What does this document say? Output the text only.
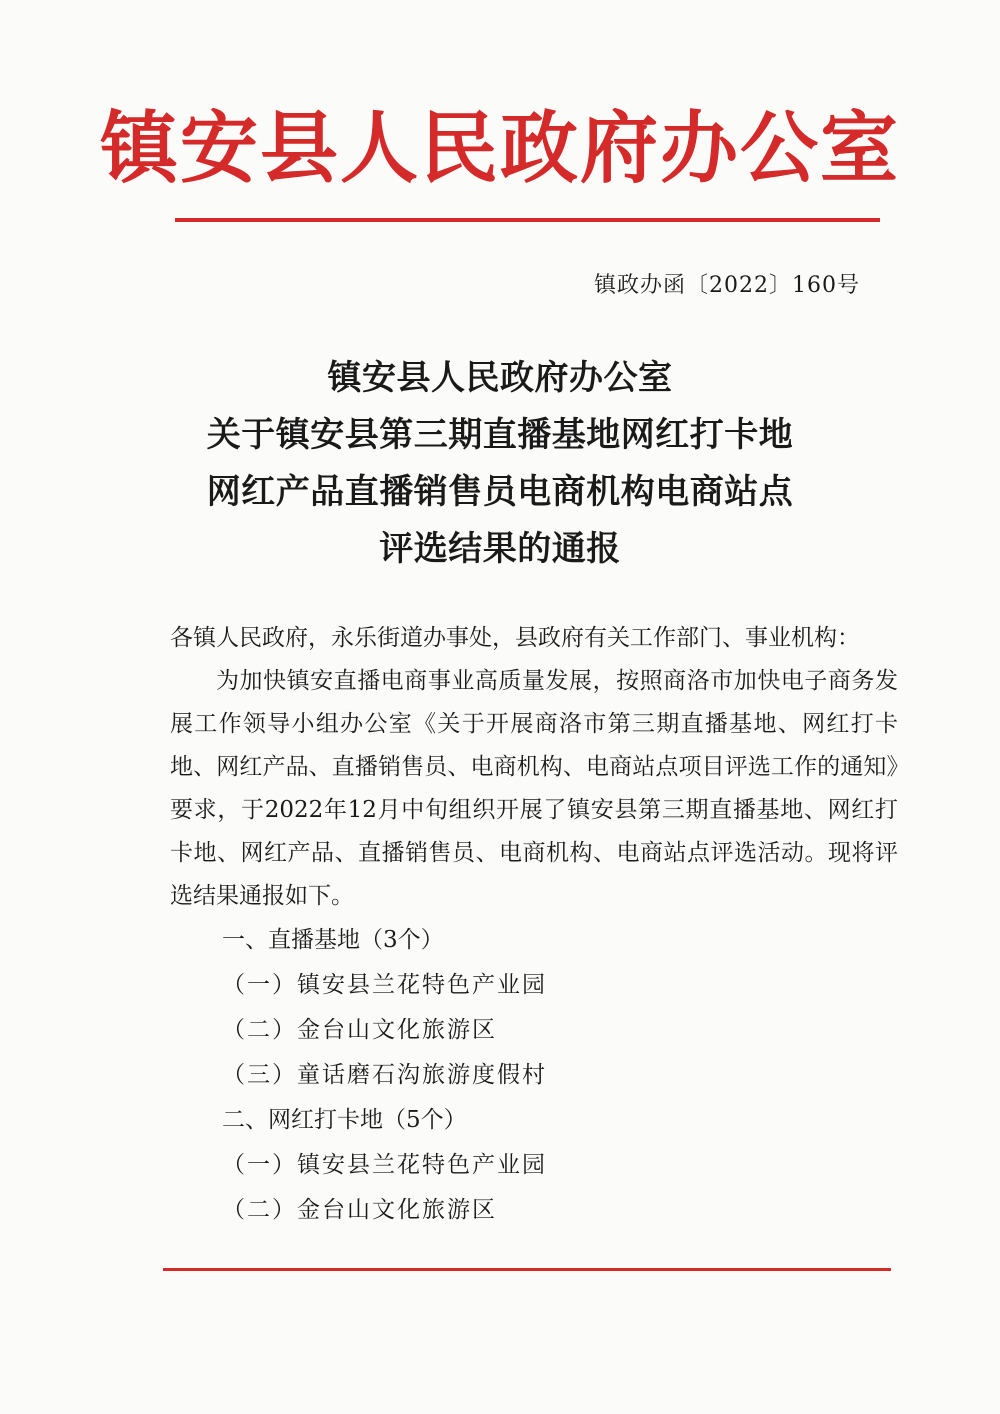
镇安县人民政府办公室
镇政办函〔2022〕160号
镇安县人民政府办公室
关于镇安县第三期直播基地网红打卡地
网红产品直播销售员电商机构电商站点
评选结果的通报

各镇人民政府，永乐街道办事处，县政府有关工作部门、事业机构：

为加快镇安直播电商事业高质量发展，按照商洛市加快电子商务发展工作领导小组办公室《关于开展商洛市第三期直播基地、网红打卡地、网红产品、直播销售员、电商机构、电商站点项目评选工作的通知》要求，于2022年12月中旬组织开展了镇安县第三期直播基地、网红打卡地、网红产品、直播销售员、电商机构、电商站点评选活动。现将评选结果通报如下。

一、直播基地（3个）

（一）镇安县兰花特色产业园

（二）金台山文化旅游区

（三）童话磨石沟旅游度假村

二、网红打卡地（5个）

（一）镇安县兰花特色产业园

（二）金台山文化旅游区
